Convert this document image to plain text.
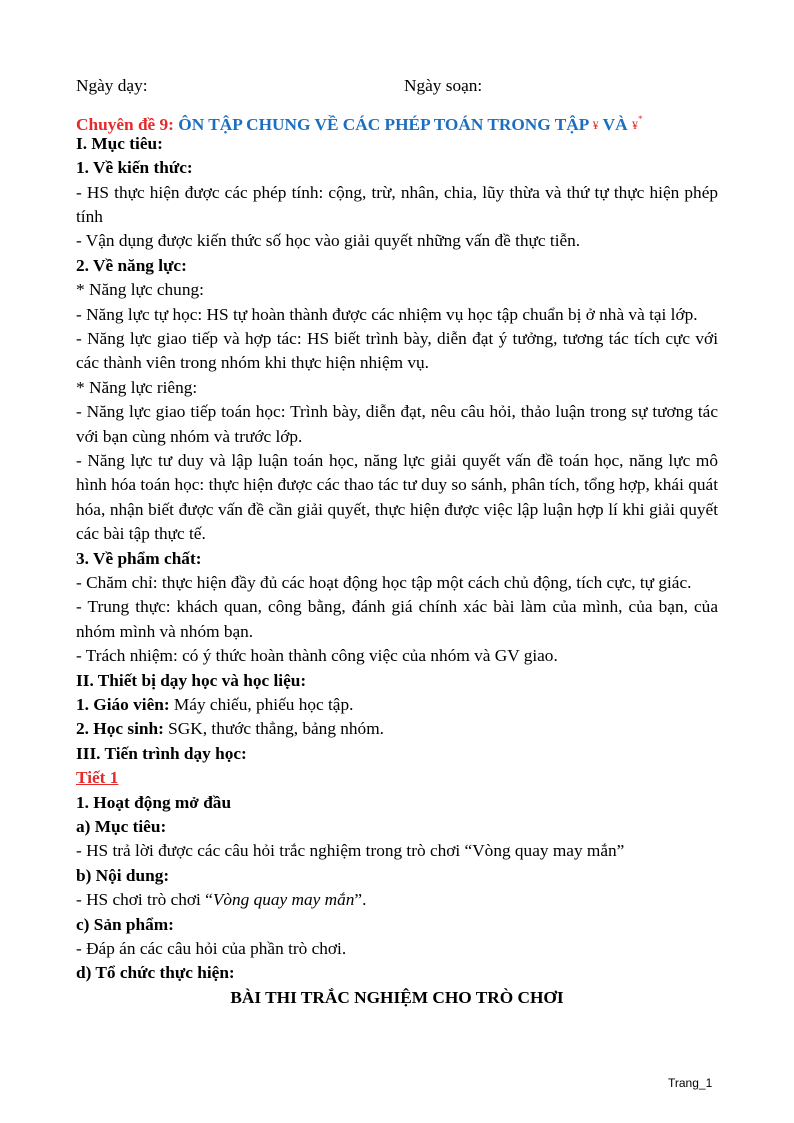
Ngày dạy:	Ngày soạn:
Chuyên đề 9: ÔN TẬP CHUNG VỀ CÁC PHÉP TOÁN TRONG TẬP ¥ VÀ ¥*
I. Mục tiêu:
1. Về kiến thức:
- HS thực hiện được các phép tính: cộng, trừ, nhân, chia, lũy thừa và thứ tự thực hiện phép tính
- Vận dụng được kiến thức số học vào giải quyết những vấn đề thực tiễn.
2. Về năng lực:
* Năng lực chung:
- Năng lực tự học: HS tự hoàn thành được các nhiệm vụ học tập chuẩn bị ở nhà và tại lớp.
- Năng lực giao tiếp và hợp tác: HS biết trình bày, diễn đạt ý tưởng, tương tác tích cực với các thành viên trong nhóm khi thực hiện nhiệm vụ.
* Năng lực riêng:
- Năng lực giao tiếp toán học: Trình bày, diễn đạt, nêu câu hỏi, thảo luận trong sự tương tác với bạn cùng nhóm và trước lớp.
- Năng lực tư duy và lập luận toán học, năng lực giải quyết vấn đề toán học, năng lực mô hình hóa toán học: thực hiện được các thao tác tư duy so sánh, phân tích, tổng hợp, khái quát hóa, nhận biết được vấn đề cần giải quyết, thực hiện được việc lập luận hợp lí khi giải quyết các bài tập thực tế.
3. Về phẩm chất:
- Chăm chỉ: thực hiện đầy đủ các hoạt động học tập một cách chủ động, tích cực, tự giác.
- Trung thực: khách quan, công bằng, đánh giá chính xác bài làm của mình, của bạn, của nhóm mình và nhóm bạn.
- Trách nhiệm: có ý thức hoàn thành công việc của nhóm và GV giao.
II. Thiết bị dạy học và học liệu:
1. Giáo viên: Máy chiếu, phiếu học tập.
2. Học sinh: SGK, thước thẳng, bảng nhóm.
III. Tiến trình dạy học:
Tiết 1
1. Hoạt động mở đầu
a) Mục tiêu:
- HS trả lời được các câu hỏi trắc nghiệm trong trò chơi “Vòng quay may mắn”
b) Nội dung:
- HS chơi trò chơi “Vòng quay may mắn”.
c) Sản phẩm:
- Đáp án các câu hỏi của phần trò chơi.
d) Tổ chức thực hiện:
BÀI THI TRẮC NGHIỆM CHO TRÒ CHƠI
Trang_1
